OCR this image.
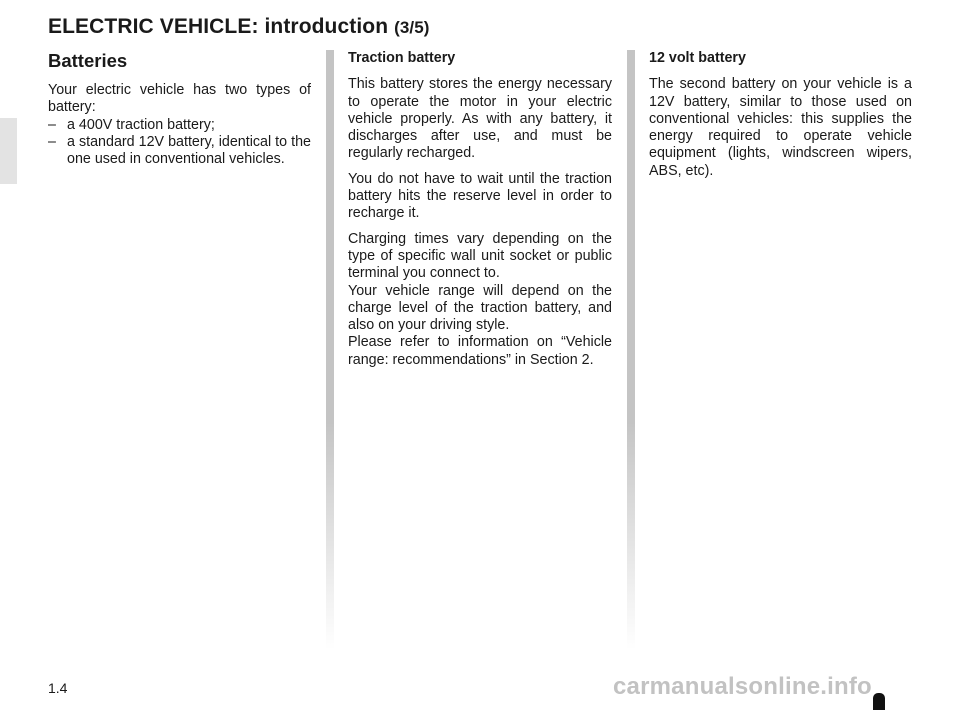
ELECTRIC VEHICLE: introduction (3/5)
Batteries

Your electric vehicle has two types of battery:

– a 400V traction battery;
– a standard 12V battery, identical to the one used in conventional vehicles.
Traction battery

This battery stores the energy necessary to operate the motor in your electric vehicle properly. As with any battery, it discharges after use, and must be regularly recharged.

You do not have to wait until the traction battery hits the reserve level in order to recharge it.

Charging times vary depending on the type of specific wall unit socket or public terminal you connect to.

Your vehicle range will depend on the charge level of the traction battery, and also on your driving style.

Please refer to information on “Vehicle range: recommendations” in Section 2.

12 volt battery

The second battery on your vehicle is a 12V battery, similar to those used on conventional vehicles: this supplies the energy required to operate vehicle equipment (lights, windscreen wipers, ABS, etc).

1.4	carmanualsonline.info
